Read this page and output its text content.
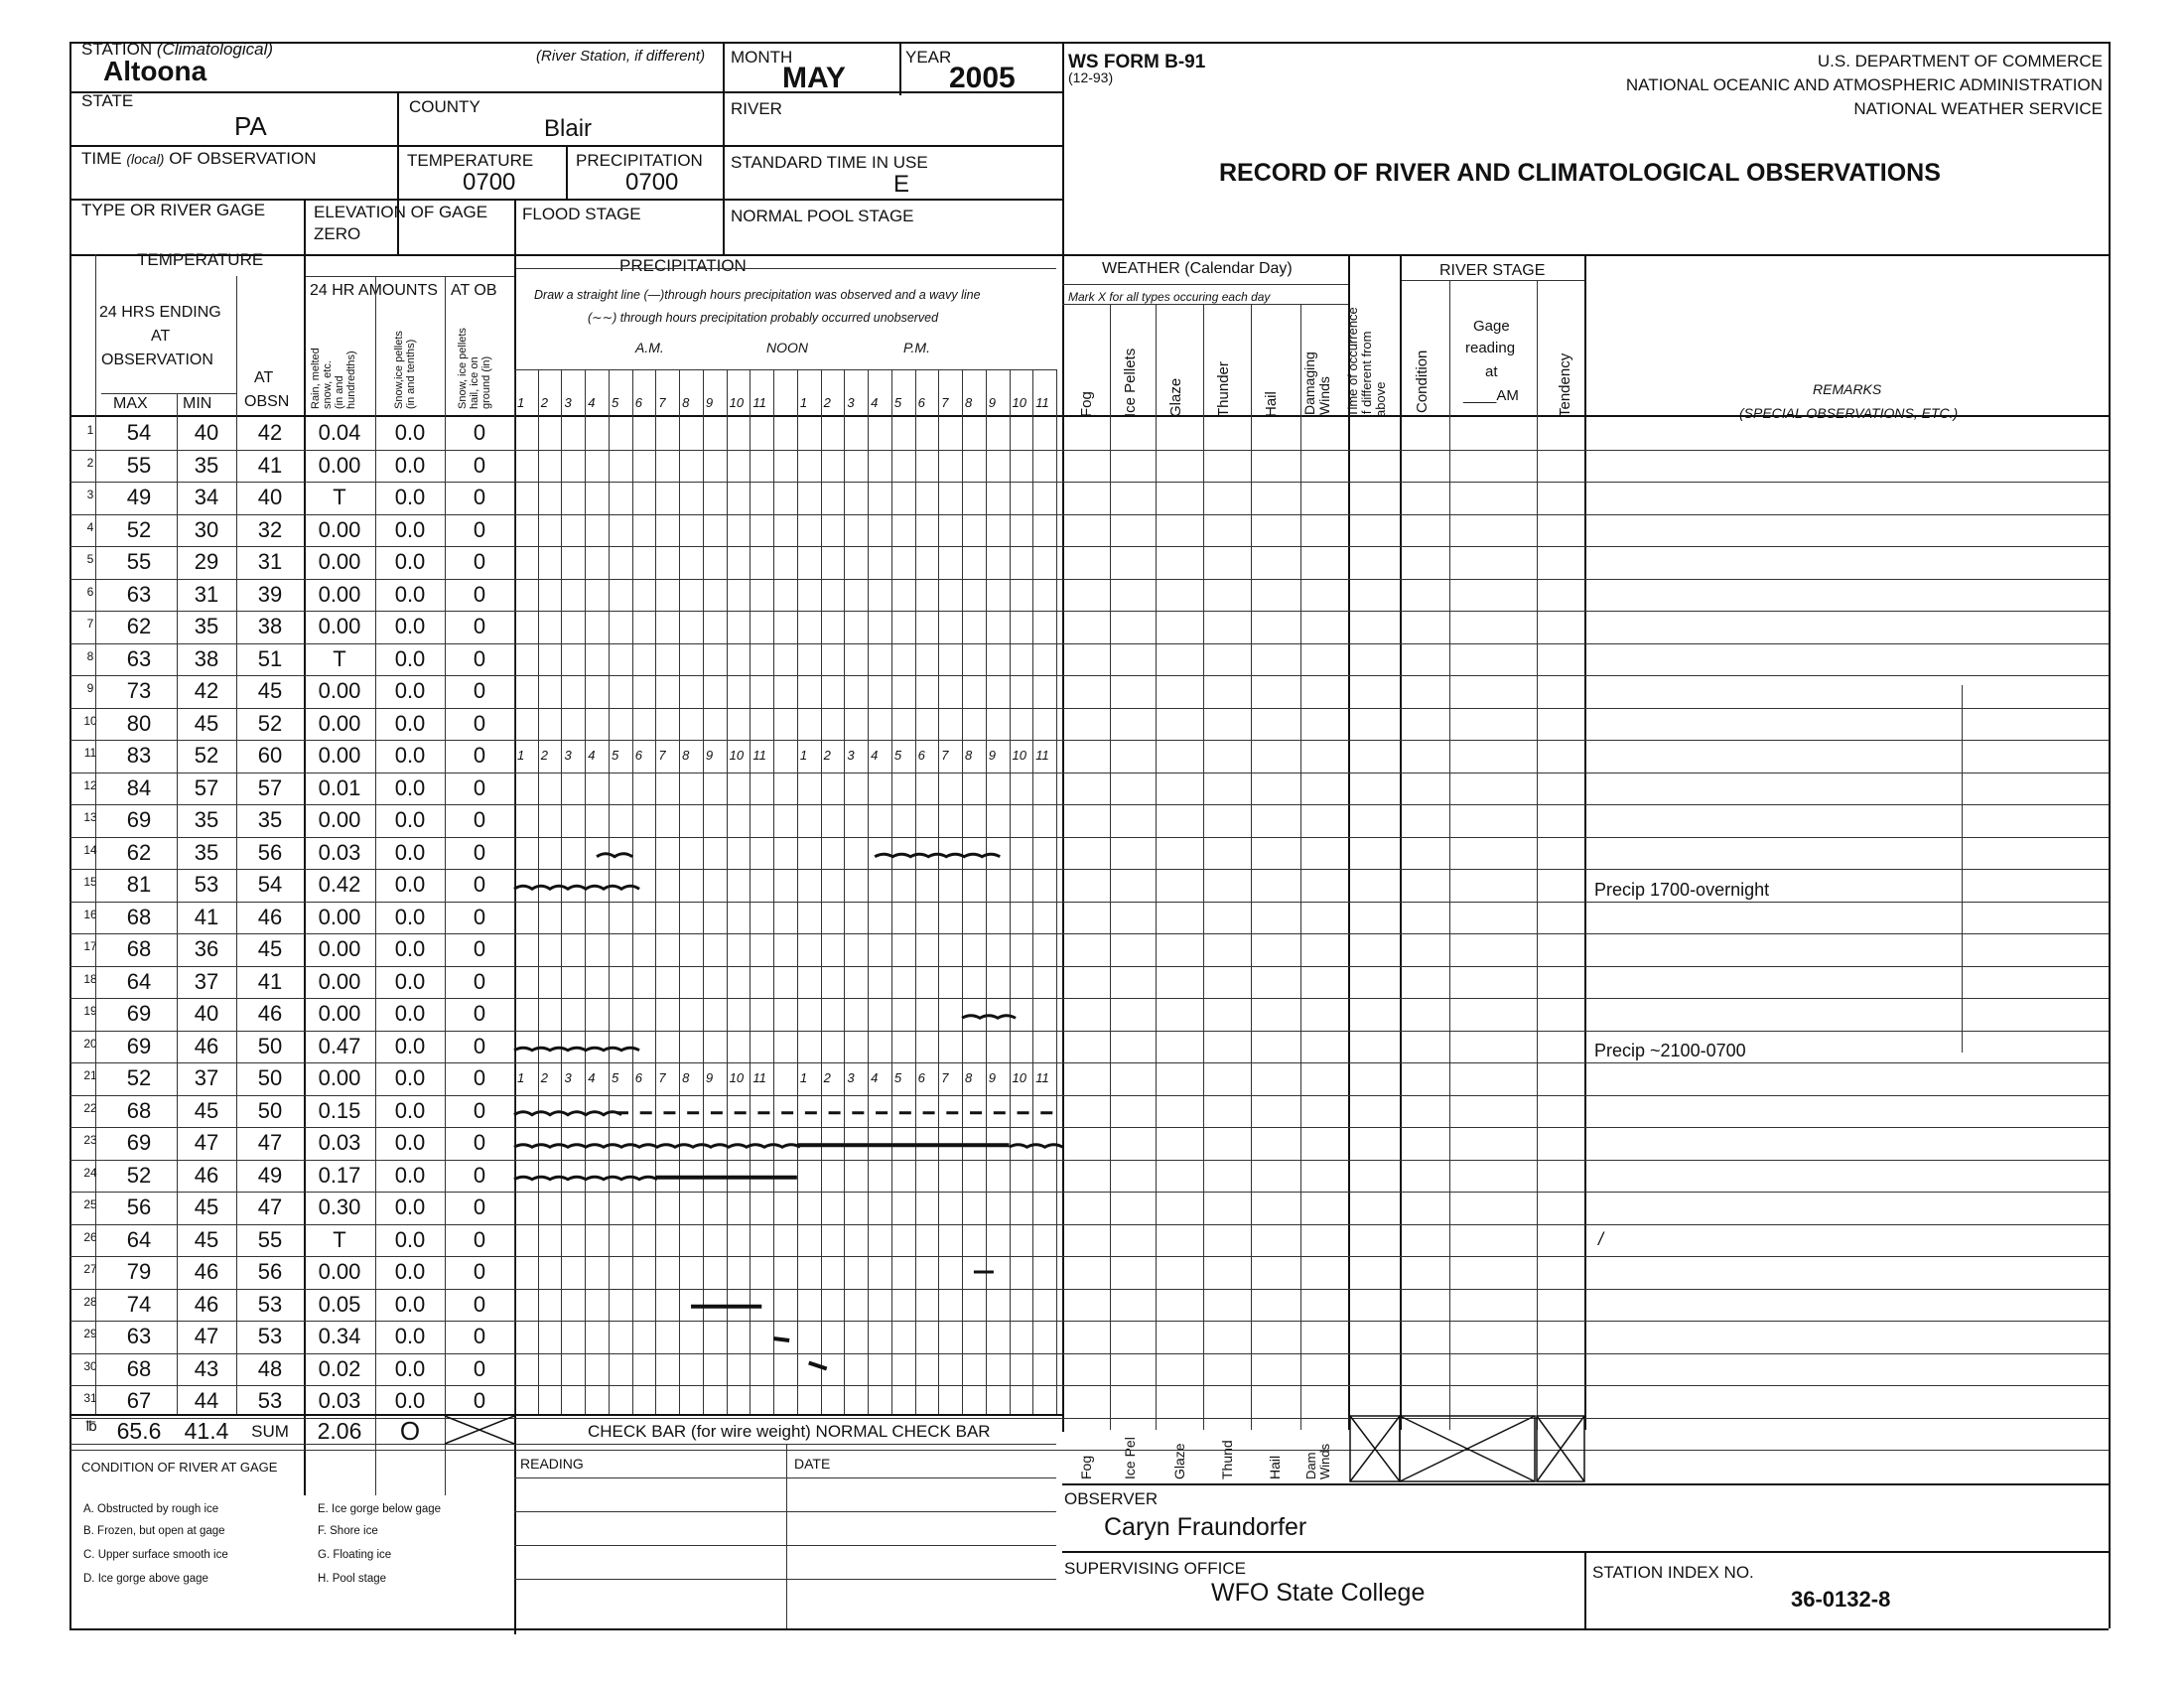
STATION (Climatological)
Altoona	(River Station, if different) MONTH
MAY
YEAR
2005
STATE
PA
COUNTY
Blair
RIVER
TIME (local) OF OBSERVATION	TEMPERATURE
0700
PRECIPITATION
0700
STANDARD TIME IN USE
E
TYPE OR RIVER GAGE	ELEVATION OF GAGE
ZERO
FLOOD STAGE	NORMAL POOL STAGE
WS FORM B-91
(12-93)
U.S. DEPARTMENT OF COMMERCE
NATIONAL OCEANIC AND ATMOSPHERIC ADMINISTRATION
NATIONAL WEATHER SERVICE
RECORD OF RIVER AND CLIMATOLOGICAL OBSERVATIONS
TEMPERATURE	PRECIPITATION
24 HRS ENDING
AT
OBSERVATION
AT
OBSN
MAX MIN
24 HR AMOUNTS AT OB
Rain, melted
snow, etc.
(in and
hundredths)	Snow,ice pellets
(in and tenths)	Snow, ice pellets
hail, ice on
ground (in)
Draw a straight line (—)through hours precipitation was observed and a wavy line
(∼∼) through hours precipitation probably occurred unobserved
A.M.	NOON	P.M.
WEATHER (Calendar Day)
Mark X for all types occuring each day
Fog Ice Pellets Glaze Thunder Hail Damaging
Winds Time of occurrence
if different from
above
RIVER STAGE
Condition
Gage
reading
at
____AM	Tendency	REMARKS
(SPECIAL OBSERVATIONS, ETC.)
1 2 3 4 5 6 7 8 9 10 11	1 2 3 4 5 6 7 8 9 10 11
1 2 3 4 5 6 7 8 9 10 11	1 2 3 4 5 6 7 8 9 10 11
1 2 3 4 5 6 7 8 9 10 11	1 2 3 4 5 6 7 8 9 10 11
1	54	40	42	0.04	0.0	0
2	55	35	41	0.00	0.0	0
3	49	34	40	T	0.0	0
4	52	30	32	0.00	0.0	0
5	55	29	31	0.00	0.0	0
6	63	31	39	0.00	0.0	0
7	62	35	38	0.00	0.0	0
8	63	38	51	T	0.0	0
9	73	42	45	0.00	0.0	0
10	80	45	52	0.00	0.0	0
11	83	52	60	0.00	0.0	0
12	84	57	57	0.01	0.0	0
13	69	35	35	0.00	0.0	0
14	62	35	56	0.03	0.0	0
15	81	53	54	0.42	0.0	0
16	68	41	46	0.00	0.0	0
17	68	36	45	0.00	0.0	0
18	64	37	41	0.00	0.0	0
19	69	40	46	0.00	0.0	0
20	69	46	50	0.47	0.0	0
21	52	37	50	0.00	0.0	0
22	68	45	50	0.15	0.0	0
23	69	47	47	0.03	0.0	0
24	52	46	49	0.17	0.0	0
25	56	45	47	0.30	0.0	0
26	64	45	55	T	0.0	0
27	79	46	56	0.00	0.0	0
28	74	46	53	0.05	0.0	0
29	63	47	53	0.34	0.0	0
30	68	43	48	0.02	0.0	0
31	67	44	53	0.03	0.0	0
℔ 65.6	41.4	SUM	2.06	O	CHECK BAR (for wire weight) NORMAL CHECK BAR
READING	DATE	Fog Ice Pel Glaze Thund Hail Dam
Winds
Precip 1700-overnight
Precip ~2100-0700
/
CONDITION OF RIVER AT GAGE
A. Obstructed by rough ice
B. Frozen, but open at gage
C. Upper surface smooth ice
D. Ice gorge above gage
E. Ice gorge below gage
F. Shore ice
G. Floating ice
H. Pool stage
OBSERVER
Caryn Fraundorfer
SUPERVISING OFFICE
WFO State College
STATION INDEX NO.
36-0132-8
